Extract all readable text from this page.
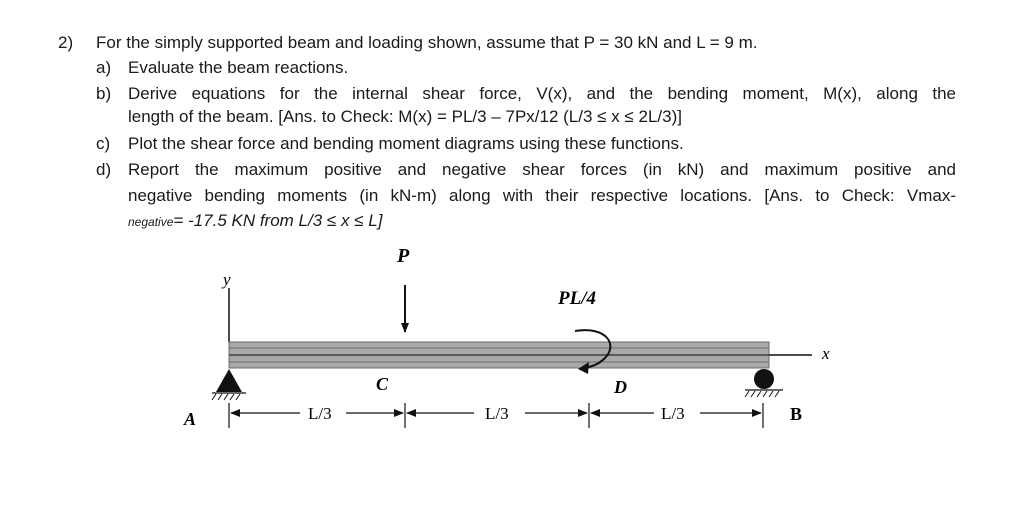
2) For the simply supported beam and loading shown, assume that P = 30 kN and L = 9 m.
a) Evaluate the beam reactions.
b) Derive equations for the internal shear force, V(x), and the bending moment, M(x), along the
length of the beam. [Ans. to Check: M(x) = PL/3 – 7Px/12 (L/3 ≤ x ≤ 2L/3)]
c) Plot the shear force and bending moment diagrams using these functions.
d) Report the maximum positive and negative shear forces (in kN) and maximum positive and
negative bending moments (in kN-m) along with their respective locations. [Ans. to Check: Vmax-
negative= -17.5 KN from L/3 ≤ x ≤ L]
y
P
PL/4
x
A
C	D
B
L/3	L/3	L/3
